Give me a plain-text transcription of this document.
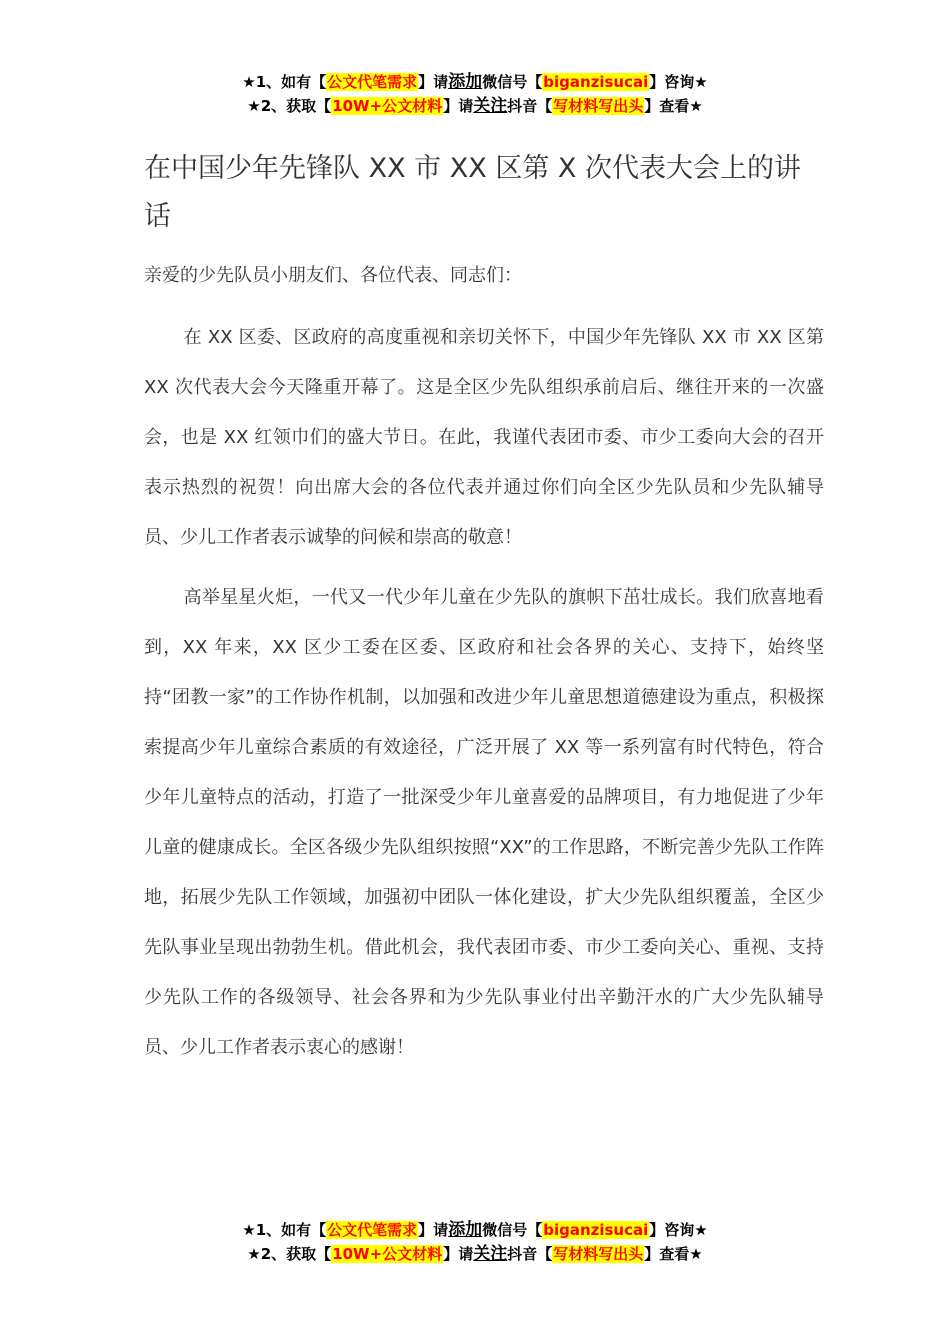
★1、如有【公文代笔需求】请添加微信号【biganzisucai】咨询★
★2、获取【10W+公文材料】请关注抖音【写材料写出头】查看★
在中国少年先锋队 XX 市 XX 区第 X 次代表大会上的讲话

亲爱的少先队员小朋友们、各位代表、同志们：

在 XX 区委、区政府的高度重视和亲切关怀下，中国少年先锋队 XX 市 XX 区第 XX 次代表大会今天隆重开幕了。这是全区少先队组织承前启后、继往开来的一次盛会，也是 XX 红领巾们的盛大节日。在此，我谨代表团市委、市少工委向大会的召开表示热烈的祝贺！向出席大会的各位代表并通过你们向全区少先队员和少先队辅导员、少儿工作者表示诚挚的问候和崇高的敬意！

高举星星火炬，一代又一代少年儿童在少先队的旗帜下茁壮成长。我们欣喜地看到，XX 年来，XX 区少工委在区委、区政府和社会各界的关心、支持下，始终坚持“团教一家”的工作协作机制，以加强和改进少年儿童思想道德建设为重点，积极探索提高少年儿童综合素质的有效途径，广泛开展了 XX 等一系列富有时代特色，符合少年儿童特点的活动，打造了一批深受少年儿童喜爱的品牌项目，有力地促进了少年儿童的健康成长。全区各级少先队组织按照“XX”的工作思路，不断完善少先队工作阵地，拓展少先队工作领域，加强初中团队一体化建设，扩大少先队组织覆盖，全区少先队事业呈现出勃勃生机。借此机会，我代表团市委、市少工委向关心、重视、支持少先队工作的各级领导、社会各界和为少先队事业付出辛勤汗水的广大少先队辅导员、少儿工作者表示衷心的感谢！

★1、如有【公文代笔需求】请添加微信号【biganzisucai】咨询★
★2、获取【10W+公文材料】请关注抖音【写材料写出头】查看★
